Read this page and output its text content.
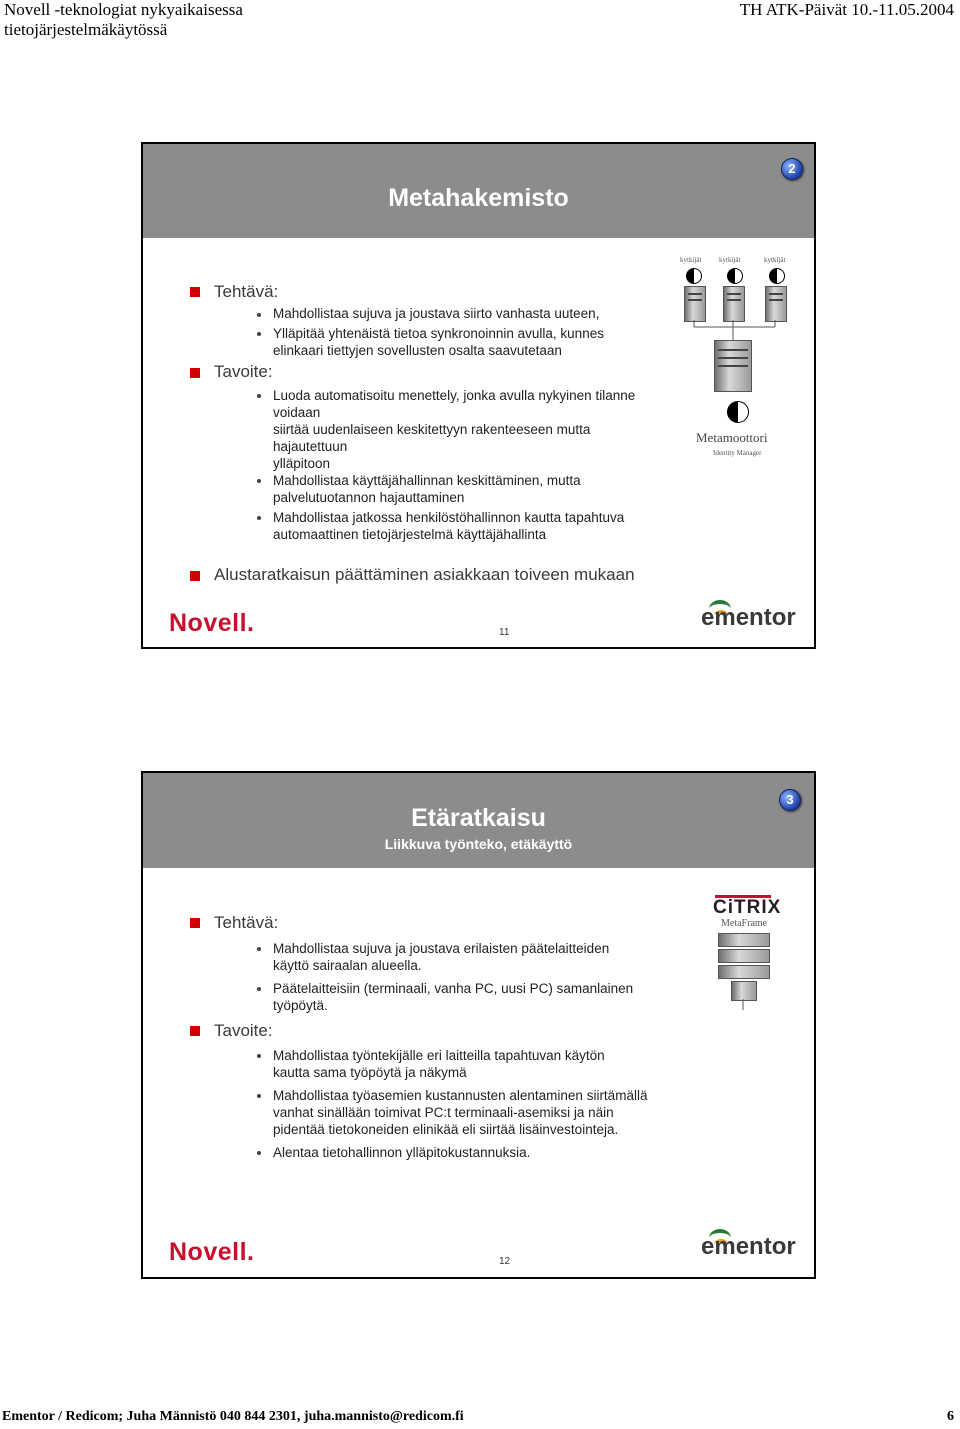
Novell -teknologiat nykyaikaisessa
tietojärjestelmäkäytössä
TH ATK-Päivät 10.-11.05.2004
Metahakemisto
2
Tehtävä:
Mahdollistaa sujuva ja joustava siirto vanhasta uuteen,
Ylläpitää yhtenäistä tietoa synkronoinnin avulla, kunnes
elinkaari tiettyjen sovellusten osalta saavutetaan
Tavoite:
Luoda automatisoitu menettely, jonka avulla nykyinen tilanne
voidaan
siirtää uudenlaiseen keskitettyyn rakenteeseen mutta
hajautettuun
ylläpitoon
Mahdollistaa käyttäjähallinnan keskittäminen, mutta
palvelutuotannon hajauttaminen
Mahdollistaa jatkossa henkilöstöhallinnon kautta tapahtuva
automaattinen tietojärjestelmä käyttäjähallinta
Alustaratkaisun päättäminen asiakkaan toiveen mukaan
kytkijät	kytkijät	kytkijät
Metamoottori
Identity Manager
Novell.	11
ementor
Etäratkaisu
Liikkuva työnteko, etäkäyttö
3
Tehtävä:
Mahdollistaa sujuva ja joustava erilaisten päätelaitteiden
käyttö sairaalan alueella.
Päätelaitteisiin (terminaali, vanha PC, uusi PC) samanlainen
työpöytä.
Tavoite:
Mahdollistaa työntekijälle eri laitteilla tapahtuvan käytön
kautta sama työpöytä ja näkymä
Mahdollistaa työasemien kustannusten alentaminen siirtämällä
vanhat sinällään toimivat PC:t terminaali-asemiksi ja näin
pidentää tietokoneiden elinikää eli siirtää lisäinvestointeja.
Alentaa tietohallinnon ylläpitokustannuksia.
CiTRIX
MetaFrame
Novell.	12
ementor
Ementor / Redicom; Juha Männistö 040 844 2301, juha.mannisto@redicom.fi	6
